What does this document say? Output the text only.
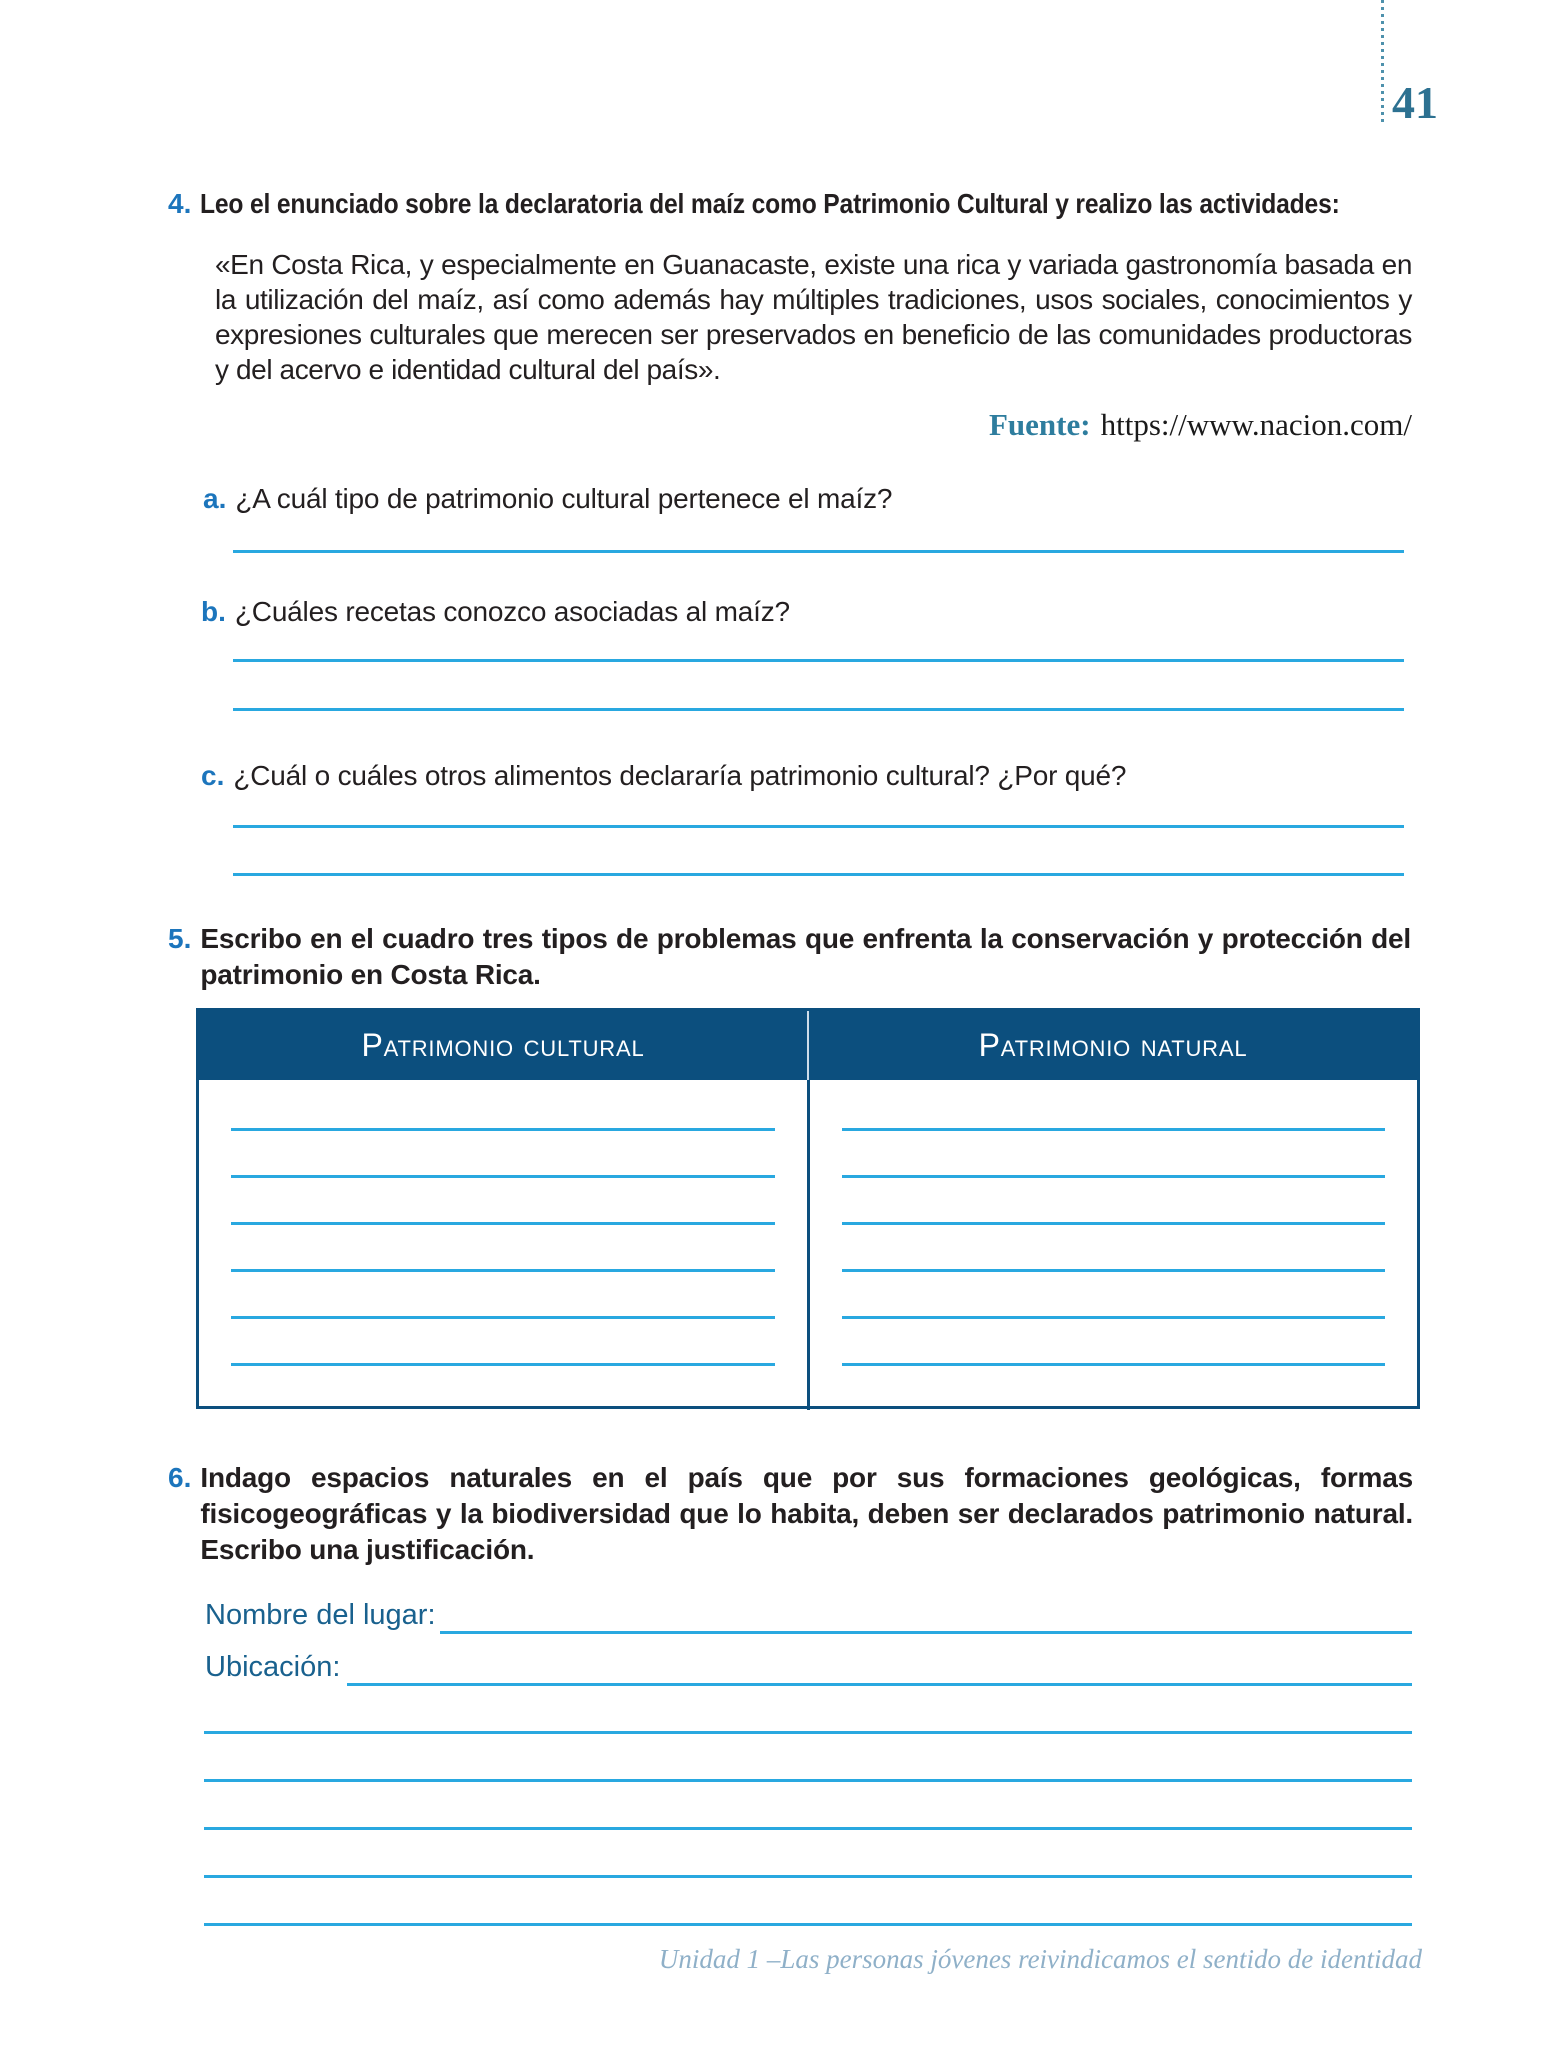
41
4. Leo el enunciado sobre la declaratoria del maíz como Patrimonio Cultural y realizo las actividades:

«En Costa Rica, y especialmente en Guanacaste, existe una rica y variada gastronomía basada en la utilización del maíz, así como además hay múltiples tradiciones, usos sociales, conocimientos y expresiones culturales que merecen ser preservados en beneficio de las comunidades productoras y del acervo e identidad cultural del país».

Fuente: https://www.nacion.com/
a. ¿A cuál tipo de patrimonio cultural pertenece el maíz?
b. ¿Cuáles recetas conozco asociadas al maíz?
c. ¿Cuál o cuáles otros alimentos declararía patrimonio cultural? ¿Por qué?
5. Escribo en el cuadro tres tipos de problemas que enfrenta la conservación y protección del patrimonio en Costa Rica.
Patrimonio cultural	Patrimonio natural
6. Indago espacios naturales en el país que por sus formaciones geológicas, formas fisicogeográficas y la biodiversidad que lo habita, deben ser declarados patrimonio natural. Escribo una justificación.
Nombre del lugar:
Ubicación:
Unidad 1 –Las personas jóvenes reivindicamos el sentido de identidad
